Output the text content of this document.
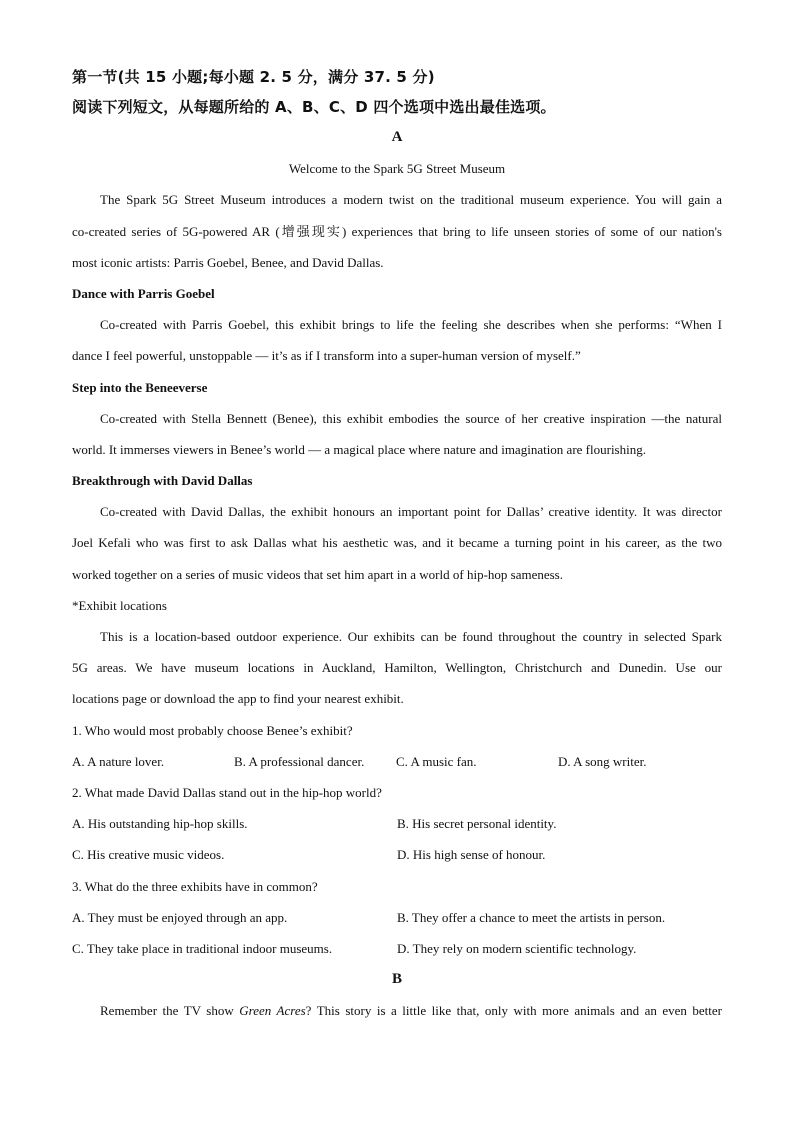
第一节(共 15 小题;每小题 2. 5 分，满分 37. 5 分)
阅读下列短文，从每题所给的 A、B、C、D 四个选项中选出最佳选项。
A
Welcome to the Spark 5G Street Museum
The Spark 5G Street Museum introduces a modern twist on the traditional museum experience. You will gain a
co-created series of 5G-powered AR (增强现实) experiences that bring to life unseen stories of some of our nation's
most iconic artists: Parris Goebel, Benee, and David Dallas.
Dance with Parris Goebel
Co-created with Parris Goebel, this exhibit brings to life the feeling she describes when she performs: “When I
dance I feel powerful, unstoppable — it’s as if I transform into a super-human version of myself.”
Step into the Beneeverse
Co-created with Stella Bennett (Benee), this exhibit embodies the source of her creative inspiration —the natural
world. It immerses viewers in Benee’s world — a magical place where nature and imagination are flourishing.
Breakthrough with David Dallas
Co-created with David Dallas, the exhibit honours an important point for Dallas’ creative identity. It was director
Joel Kefali who was first to ask Dallas what his aesthetic was, and it became a turning point in his career, as the two
worked together on a series of music videos that set him apart in a world of hip-hop sameness.
*Exhibit locations
This is a location-based outdoor experience. Our exhibits can be found throughout the country in selected Spark
5G areas. We have museum locations in Auckland, Hamilton, Wellington, Christchurch and Dunedin. Use our
locations page or download the app to find your nearest exhibit.
1. Who would most probably choose Benee’s exhibit?
A. A nature lover.	B. A professional dancer.	C. A music fan.	D. A song writer.
2. What made David Dallas stand out in the hip-hop world?
A. His outstanding hip-hop skills.	B. His secret personal identity.
C. His creative music videos.	D. His high sense of honour.
3. What do the three exhibits have in common?
A. They must be enjoyed through an app.	B. They offer a chance to meet the artists in person.
C. They take place in traditional indoor museums.	D. They rely on modern scientific technology.
B
Remember the TV show Green Acres? This story is a little like that, only with more animals and an even better
